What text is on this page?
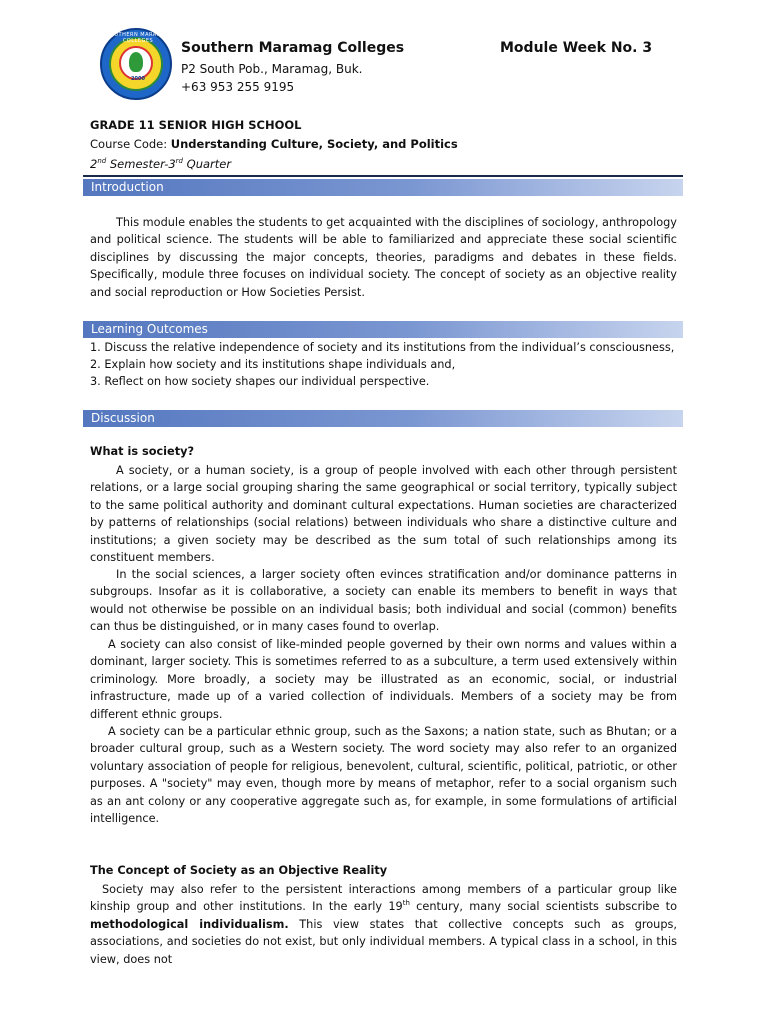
SOUTHERN MARAMAG COLLEGES
2000
Southern Maramag Colleges	Module Week No. 3
P2 South Pob., Maramag, Buk.
+63 953 255 9195
GRADE 11 SENIOR HIGH SCHOOL
Course Code: Understanding Culture, Society, and Politics
2nd Semester-3rd Quarter
Introduction
This module enables the students to get acquainted with the disciplines of sociology, anthropology and political science. The students will be able to familiarized and appreciate these social scientific disciplines by discussing the major concepts, theories, paradigms and debates in these fields. Specifically, module three focuses on individual society. The concept of society as an objective reality and social reproduction or How Societies Persist.
Learning Outcomes
1. Discuss the relative independence of society and its institutions from the individual’s consciousness,
2. Explain how society and its institutions shape individuals and,
3. Reflect on how society shapes our individual perspective.
Discussion
What is society?
A society, or a human society, is a group of people involved with each other through persistent relations, or a large social grouping sharing the same geographical or social territory, typically subject to the same political authority and dominant cultural expectations. Human societies are characterized by patterns of relationships (social relations) between individuals who share a distinctive culture and institutions; a given society may be described as the sum total of such relationships among its constituent members.
In the social sciences, a larger society often evinces stratification and/or dominance patterns in subgroups. Insofar as it is collaborative, a society can enable its members to benefit in ways that would not otherwise be possible on an individual basis; both individual and social (common) benefits can thus be distinguished, or in many cases found to overlap.
A society can also consist of like-minded people governed by their own norms and values within a dominant, larger society. This is sometimes referred to as a subculture, a term used extensively within criminology. More broadly, a society may be illustrated as an economic, social, or industrial infrastructure, made up of a varied collection of individuals. Members of a society may be from different ethnic groups.
A society can be a particular ethnic group, such as the Saxons; a nation state, such as Bhutan; or a broader cultural group, such as a Western society. The word society may also refer to an organized voluntary association of people for religious, benevolent, cultural, scientific, political, patriotic, or other purposes. A "society" may even, though more by means of metaphor, refer to a social organism such as an ant colony or any cooperative aggregate such as, for example, in some formulations of artificial intelligence.
The Concept of Society as an Objective Reality
Society may also refer to the persistent interactions among members of a particular group like kinship group and other institutions. In the early 19th century, many social scientists subscribe to methodological individualism. This view states that collective concepts such as groups, associations, and societies do not exist, but only individual members. A typical class in a school, in this view, does not
